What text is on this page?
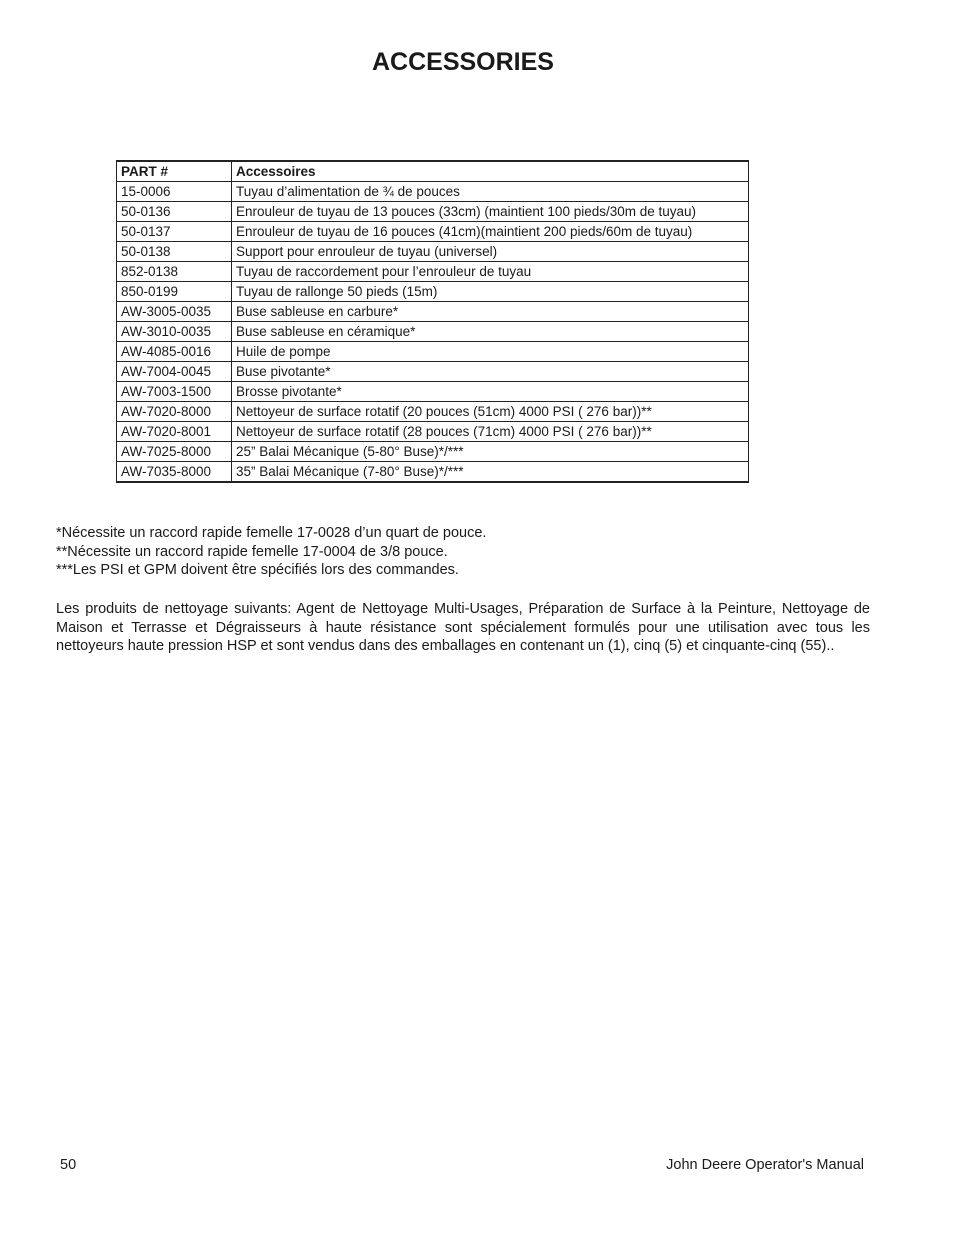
ACCESSORIES
PART #	Accessoires
15-0006	Tuyau d’alimentation de ¾ de pouces
50-0136	Enrouleur de tuyau de 13 pouces (33cm) (maintient 100 pieds/30m de tuyau)
50-0137	Enrouleur de tuyau de 16 pouces (41cm)(maintient 200 pieds/60m de tuyau)
50-0138	Support pour enrouleur de tuyau (universel)
852-0138	Tuyau de raccordement pour l’enrouleur de tuyau
850-0199	Tuyau de rallonge 50 pieds (15m)
AW-3005-0035	Buse sableuse en carbure*
AW-3010-0035	Buse sableuse en céramique*
AW-4085-0016	Huile de pompe
AW-7004-0045	Buse pivotante*
AW-7003-1500	Brosse pivotante*
AW-7020-8000	Nettoyeur de surface rotatif (20 pouces (51cm) 4000 PSI ( 276 bar))**
AW-7020-8001	Nettoyeur de surface rotatif (28 pouces (71cm) 4000 PSI ( 276 bar))**
AW-7025-8000	25” Balai Mécanique (5-80° Buse)*/***
AW-7035-8000	35” Balai Mécanique (7-80° Buse)*/***

*Nécessite un raccord rapide femelle 17-0028 d’un quart de pouce.

**Nécessite un raccord rapide femelle 17-0004 de 3/8 pouce.

***Les PSI et GPM doivent être spécifiés lors des commandes.

Les produits de nettoyage suivants: Agent de Nettoyage Multi-Usages, Préparation de Surface à la Peinture, Nettoyage de Maison et Terrasse et Dégraisseurs à haute résistance sont spécialement formulés pour une utilisation avec tous les nettoyeurs haute pression HSP et sont vendus dans des emballages en contenant un (1), cinq (5) et cinquante-cinq (55)..

50	John Deere Operator's Manual
